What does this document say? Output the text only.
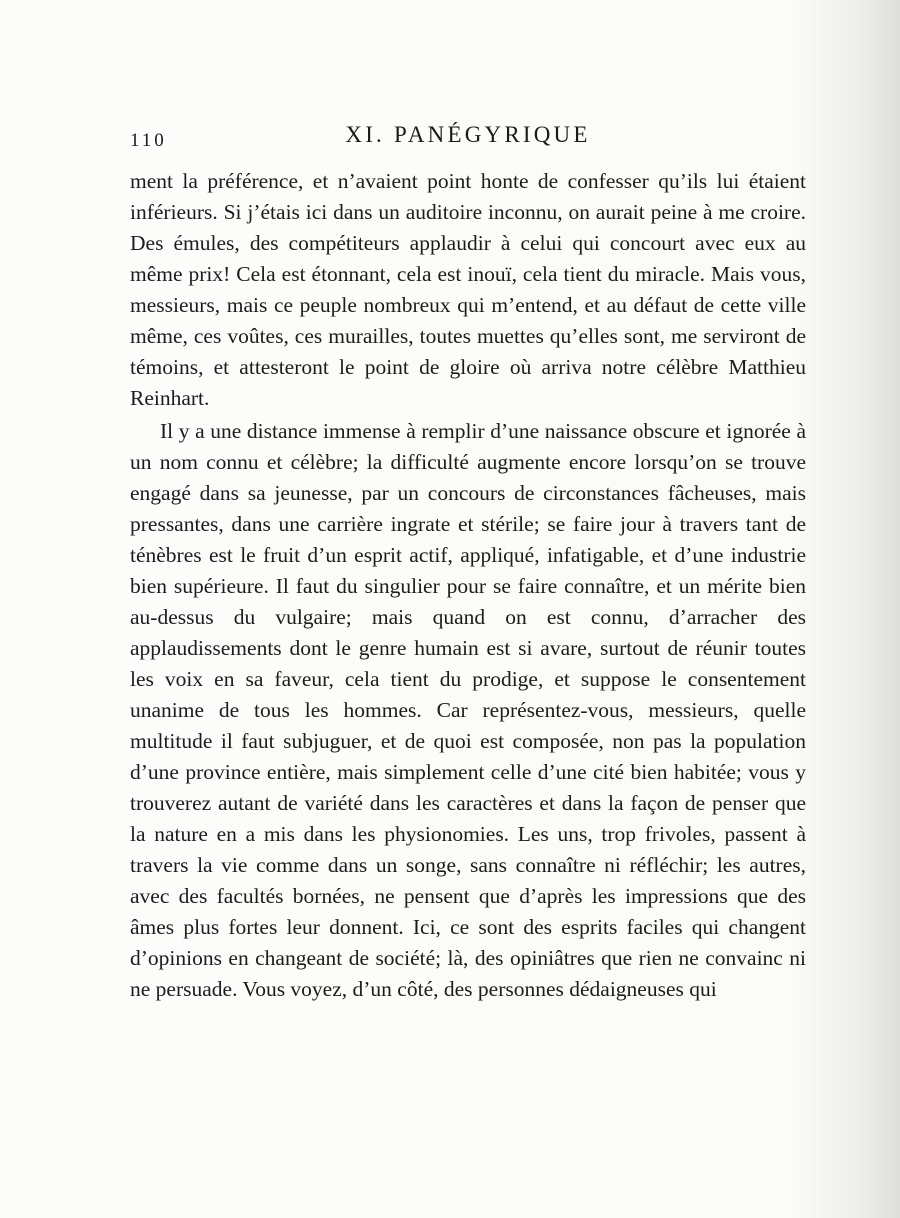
110	XI. PANÉGYRIQUE

ment la préférence, et n’avaient point honte de confesser qu’ils lui étaient inférieurs. Si j’étais ici dans un auditoire inconnu, on aurait peine à me croire. Des émules, des compétiteurs applaudir à celui qui concourt avec eux au même prix! Cela est étonnant, cela est inouï, cela tient du miracle. Mais vous, messieurs, mais ce peuple nombreux qui m’entend, et au défaut de cette ville même, ces voûtes, ces murailles, toutes muettes qu’elles sont, me serviront de témoins, et attesteront le point de gloire où arriva notre célèbre Matthieu Reinhart.

Il y a une distance immense à remplir d’une naissance obscure et ignorée à un nom connu et célèbre; la difficulté augmente encore lorsqu’on se trouve engagé dans sa jeunesse, par un concours de circonstances fâcheuses, mais pressantes, dans une carrière ingrate et stérile; se faire jour à travers tant de ténèbres est le fruit d’un esprit actif, appliqué, infatigable, et d’une industrie bien supérieure. Il faut du singulier pour se faire connaître, et un mérite bien au-dessus du vulgaire; mais quand on est connu, d’arracher des applaudissements dont le genre humain est si avare, surtout de réunir toutes les voix en sa faveur, cela tient du prodige, et suppose le consentement unanime de tous les hommes. Car représentez-vous, messieurs, quelle multitude il faut subjuguer, et de quoi est composée, non pas la population d’une province entière, mais simplement celle d’une cité bien habitée; vous y trouverez autant de variété dans les caractères et dans la façon de penser que la nature en a mis dans les physionomies. Les uns, trop frivoles, passent à travers la vie comme dans un songe, sans connaître ni réfléchir; les autres, avec des facultés bornées, ne pensent que d’après les impressions que des âmes plus fortes leur donnent. Ici, ce sont des esprits faciles qui changent d’opinions en changeant de société; là, des opiniâtres que rien ne convainc ni ne persuade. Vous voyez, d’un côté, des personnes dédaigneuses qui
